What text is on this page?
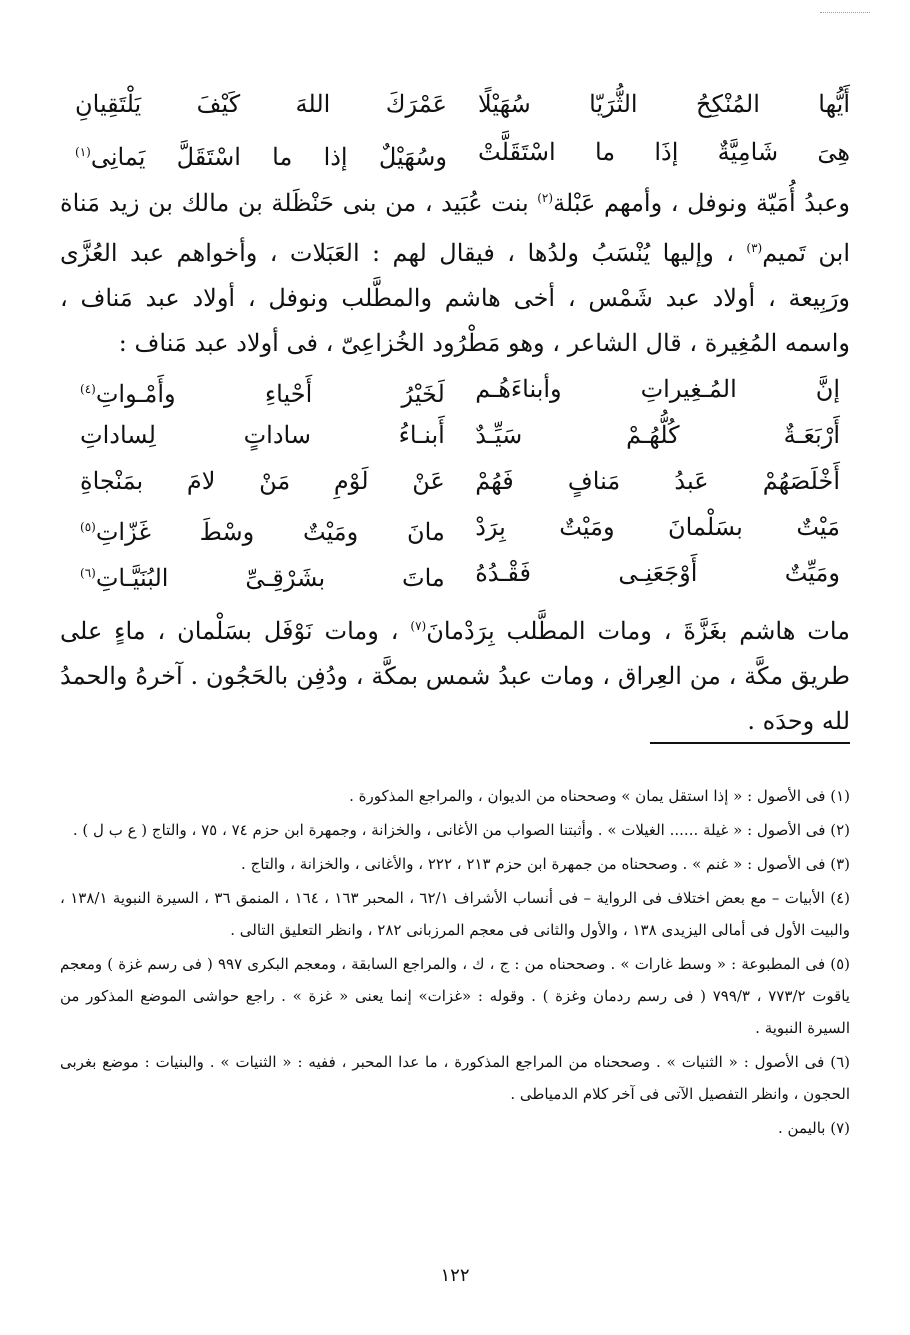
أَيُّها المُنْكِحُ الثُّرَيّا سُهَيْلًا
عَمْرَكَ اللهَ كَيْفَ يَلْتَقِيانِ
هِىَ شَامِيَّةٌ إذَا ما اسْتَقَلَّتْ
وسُهَيْلٌ إذا ما اسْتَقَلَّ يَمانِى$^{(١)}$

وعبدُ أُمَيّة ونوفل ، وأمهم عَبْلة$^{(٢)}$ بنت عُبَيد ، من بنى حَنْظَلة بن مالك بن زيد مَناة ابن تَميم$^{(٣)}$ ، وإليها يُنْسَبُ ولدُها ، فيقال لهم : العَبَلات ، وأخواهم عبد العُزَّى ورَبِيعة ، أولاد عبد شَمْس ، أخى هاشم والمطَّلب ونوفل ، أولاد عبد مَناف ، واسمه المُغِيرة ، قال الشاعر ، وهو مَطْرُود الخُزاعِىّ ، فى أولاد عبد مَناف :

إنَّ المُـغِيراتِ وأبناءَهُـم
لَخَيْرُ أَحْياءِ وأَمْـواتِ$^{(٤)}$
أَرْبَعَـةٌ كُلُّهُـمْ سَيِّـدٌ
أَبنـاءُ ساداتٍ لِساداتِ
أَخْلَصَهُمْ عَبدُ مَنافٍ فَهُمْ
عَنْ لَوْمِ مَنْ لامَ بمَنْجاةِ
مَيْتٌ بسَلْمانَ ومَيْتٌ بِرَدْ
مانَ ومَيْتٌ وسْطَ غَزّاتِ$^{(٥)}$
ومَيِّتٌ أَوْجَعَنِـى فَقْـدُهُ
ماتَ بشَرْقِـىِّ البُنَيَّـاتِ$^{(٦)}$

مات هاشم بغَزَّةَ ، ومات المطَّلب بِرَدْمانَ$^{(٧)}$ ، ومات نَوْفَل بسَلْمان ، ماءٍ على طريق مكَّة ، من العِراق ، ومات عبدُ شمس بمكَّة ، ودُفِن بالحَجُون . آخرهُ والحمدُ لله وحدَه .

(١) فى الأصول : « إذا استقل يمان » وصححناه من الديوان ، والمراجع المذكورة .

(٢) فى الأصول : « غيلة ...... الغيلات » . وأثبتنا الصواب من الأغانى ، والخزانة ، وجمهرة ابن حزم ٧٤ ، ٧٥ ، والتاج ( ع ب ل ) .

(٣) فى الأصول : « غنم » . وصححناه من جمهرة ابن حزم ٢١٣ ، ٢٢٢ ، والأغانى ، والخزانة ، والتاج .

(٤) الأبيات – مع بعض اختلاف فى الرواية – فى أنساب الأشراف ٦٢/١ ، المحبر ١٦٣ ، ١٦٤ ، المنمق ٣٦ ، السيرة النبوية ١٣٨/١ ، والبيت الأول فى أمالى اليزيدى ١٣٨ ، والأول والثانى فى معجم المرزبانى ٢٨٢ ، وانظر التعليق التالى .

(٥) فى المطبوعة : « وسط غارات » . وصححناه من : ج ، ك ، والمراجع السابقة ، ومعجم البكرى ٩٩٧ ( فى رسم غزة ) ومعجم ياقوت ٧٧٣/٢ ، ٧٩٩/٣ ( فى رسم ردمان وغزة ) . وقوله : «غزات» إنما يعنى « غزة » . راجع حواشى الموضع المذكور من السيرة النبوية .

(٦) فى الأصول : « الثنيات » . وصححناه من المراجع المذكورة ، ما عدا المحبر ، ففيه : « الثنيات » . والبنيات : موضع بغربى الحجون ، وانظر التفصيل الآتى فى آخر كلام الدمياطى .

(٧) باليمن .

١٢٢
